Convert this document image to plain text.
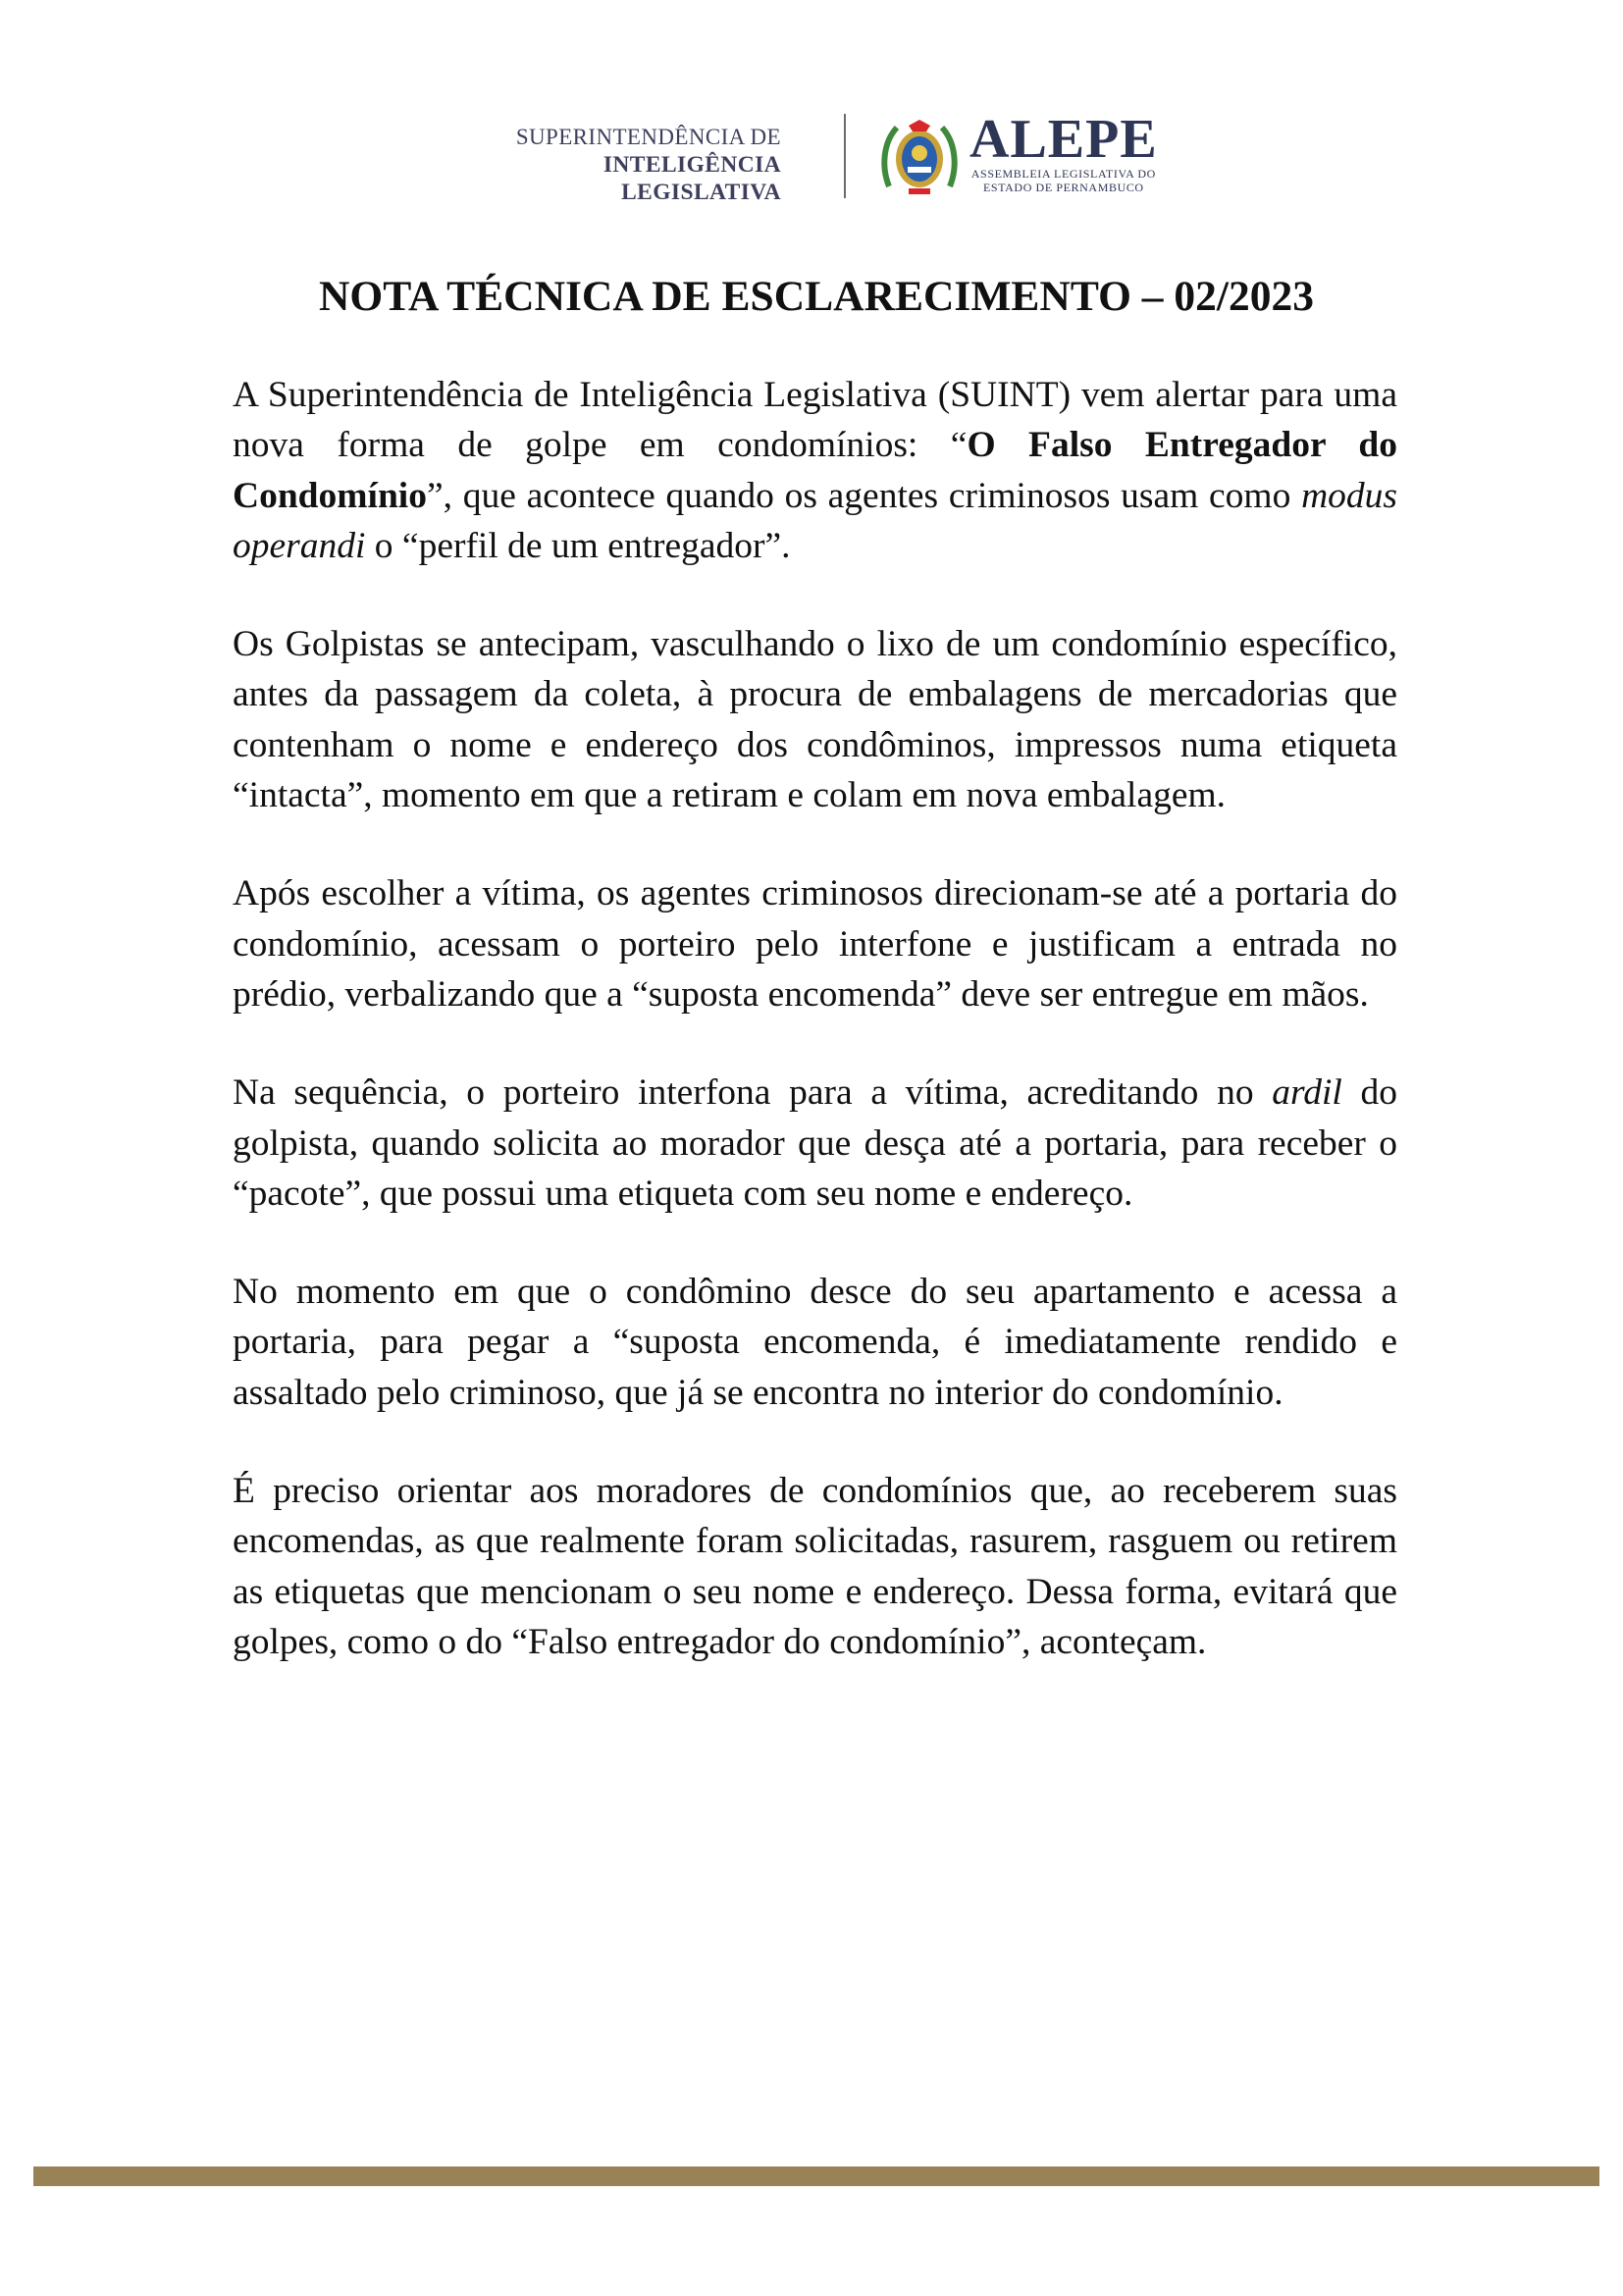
SUPERINTENDÊNCIA DE
INTELIGÊNCIA LEGISLATIVA
ALEPE
ASSEMBLEIA LEGISLATIVA DO
ESTADO DE PERNAMBUCO
NOTA TÉCNICA DE ESCLARECIMENTO – 02/2023

A Superintendência de Inteligência Legislativa (SUINT) vem alertar para uma nova forma de golpe em condomínios: “O Falso Entregador do Condomínio”, que acontece quando os agentes criminosos usam como modus operandi o “perfil de um entregador”.

Os Golpistas se antecipam, vasculhando o lixo de um condomínio específico, antes da passagem da coleta, à procura de embalagens de mercadorias que contenham o nome e endereço dos condôminos, impressos numa etiqueta “intacta”, momento em que a retiram e colam em nova embalagem.

Após escolher a vítima, os agentes criminosos direcionam-se até a portaria do condomínio, acessam o porteiro pelo interfone e justificam a entrada no prédio, verbalizando que a “suposta encomenda” deve ser entregue em mãos.

Na sequência, o porteiro interfona para a vítima, acreditando no ardil do golpista, quando solicita ao morador que desça até a portaria, para receber o “pacote”, que possui uma etiqueta com seu nome e endereço.

No momento em que o condômino desce do seu apartamento e acessa a portaria, para pegar a “suposta encomenda, é imediatamente rendido e assaltado pelo criminoso, que já se encontra no interior do condomínio.

É preciso orientar aos moradores de condomínios que, ao receberem suas encomendas, as que realmente foram solicitadas, rasurem, rasguem ou retirem as etiquetas que mencionam o seu nome e endereço. Dessa forma, evitará que golpes, como o do “Falso entregador do condomínio”, aconteçam.
